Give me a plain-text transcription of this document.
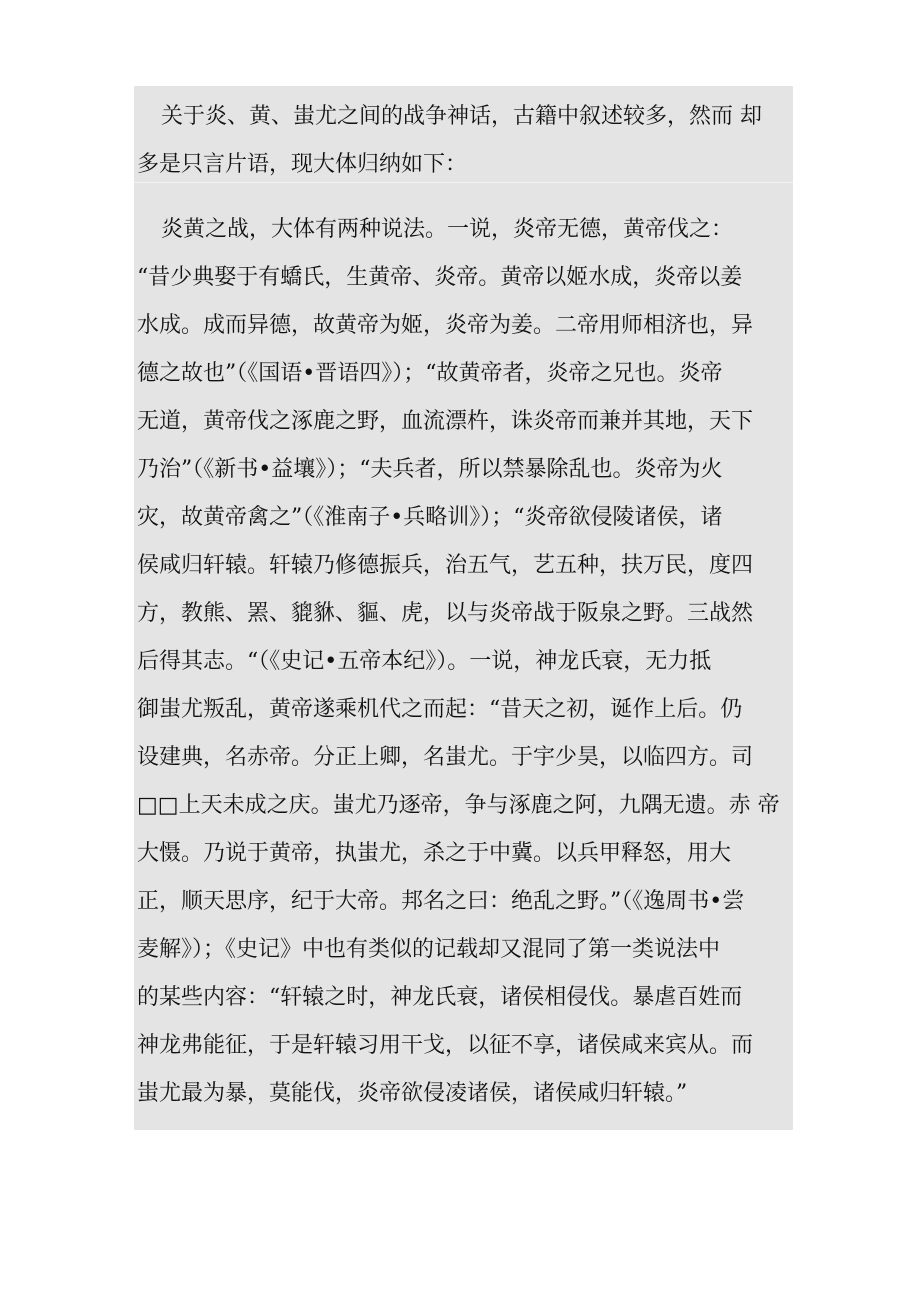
关于炎、黄、蚩尤之间的战争神话，古籍中叙述较多，然而 却
多是只言片语，现大体归纳如下：
炎黄之战，大体有两种说法。一说，炎帝无德，黄帝伐之：
“昔少典娶于有蟜氏，生黄帝、炎帝。黄帝以姬水成，炎帝以姜
水成。成而异德，故黄帝为姬，炎帝为姜。二帝用师相济也，异
德之故也”（《国语•晋语四》）；“故黄帝者，炎帝之兄也。炎帝
无道，黄帝伐之涿鹿之野，血流漂杵，诛炎帝而兼并其地，天下
乃治”（《新书•益壤》）；“夫兵者，所以禁暴除乱也。炎帝为火
灾，故黄帝禽之”（《淮南子•兵略训》）；“炎帝欲侵陵诸侯，诸
侯咸归轩辕。轩辕乃修德振兵，治五气，艺五种，扶万民，度四
方，教熊、罴、貔貅、貙、虎，以与炎帝战于阪泉之野。三战然
后得其志。“（《史记•五帝本纪》）。一说，神龙氏衰，无力抵
御蚩尤叛乱，黄帝遂乘机代之而起：“昔天之初，诞作上后。仍
设建典，名赤帝。分正上卿，名蚩尤。于宇少昊，以临四方。司
□□上天未成之庆。蚩尤乃逐帝，争与涿鹿之阿，九隅无遗。赤 帝
大慑。乃说于黄帝，执蚩尤，杀之于中冀。以兵甲释怒，用大
正，顺天思序，纪于大帝。邦名之曰：绝乱之野。”（《逸周书•尝
麦解》）；《史记》中也有类似的记载却又混同了第一类说法中
的某些内容：“轩辕之时，神龙氏衰，诸侯相侵伐。暴虐百姓而
神龙弗能征，于是轩辕习用干戈，以征不享，诸侯咸来宾从。而
蚩尤最为暴，莫能伐，炎帝欲侵凌诸侯，诸侯咸归轩辕。”
